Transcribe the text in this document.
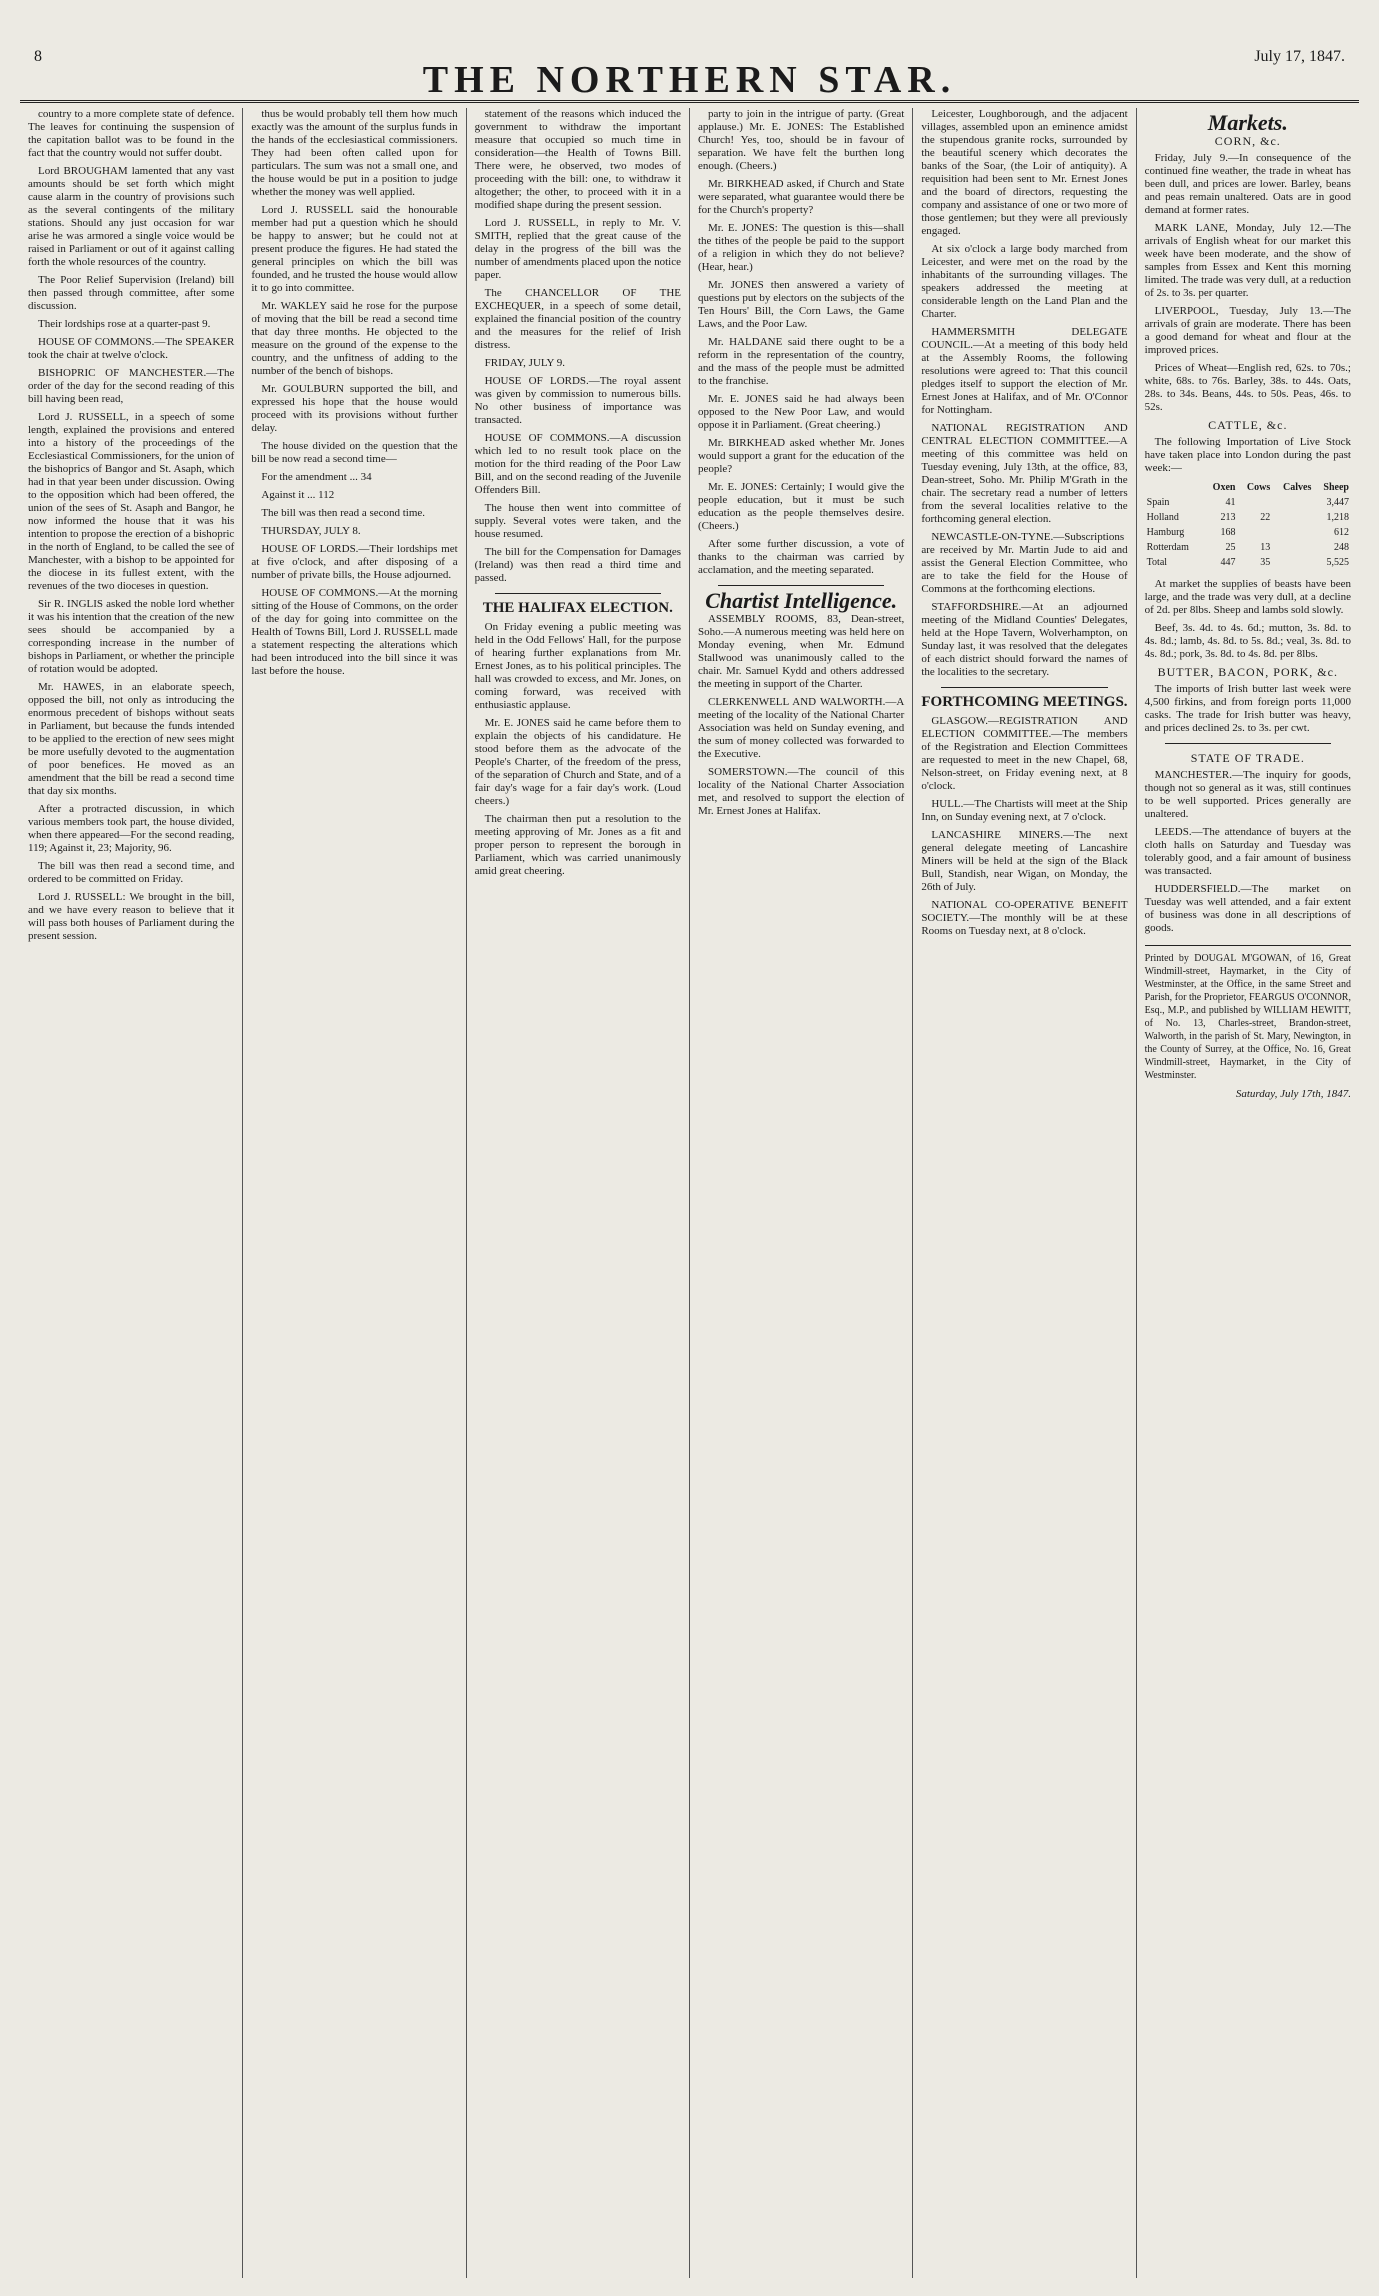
8
THE NORTHERN STAR.
July 17, 1847.

country to a more complete state of defence. The leaves for continuing the suspension of the capitation ballot was to be found in the fact that the country would not suffer doubt.

Lord BROUGHAM lamented that any vast amounts should be set forth which might cause alarm in the country of provisions such as the several contingents of the military stations. Should any just occasion for war arise he was armored a single voice would be raised in Parliament or out of it against calling forth the whole resources of the country.

The Poor Relief Supervision (Ireland) bill then passed through committee, after some discussion.

Their lordships rose at a quarter-past 9.

HOUSE OF COMMONS.—The SPEAKER took the chair at twelve o'clock.

BISHOPRIC OF MANCHESTER.—The order of the day for the second reading of this bill having been read,

Lord J. RUSSELL, in a speech of some length, explained the provisions and entered into a history of the proceedings of the Ecclesiastical Commissioners, for the union of the bishoprics of Bangor and St. Asaph, which had in that year been under discussion. Owing to the opposition which had been offered, the union of the sees of St. Asaph and Bangor, he now informed the house that it was his intention to propose the erection of a bishopric in the north of England, to be called the see of Manchester, with a bishop to be appointed for the diocese in its fullest extent, with the revenues of the two dioceses in question.

Sir R. INGLIS asked the noble lord whether it was his intention that the creation of the new sees should be accompanied by a corresponding increase in the number of bishops in Parliament, or whether the principle of rotation would be adopted.

Mr. HAWES, in an elaborate speech, opposed the bill, not only as introducing the enormous precedent of bishops without seats in Parliament, but because the funds intended to be applied to the erection of new sees might be more usefully devoted to the augmentation of poor benefices. He moved as an amendment that the bill be read a second time that day six months.

After a protracted discussion, in which various members took part, the house divided, when there appeared—For the second reading, 119; Against it, 23; Majority, 96.

The bill was then read a second time, and ordered to be committed on Friday.

Lord J. RUSSELL: We brought in the bill, and we have every reason to believe that it will pass both houses of Parliament during the present session.

thus be would probably tell them how much exactly was the amount of the surplus funds in the hands of the ecclesiastical commissioners. They had been often called upon for particulars. The sum was not a small one, and the house would be put in a position to judge whether the money was well applied.

Lord J. RUSSELL said the honourable member had put a question which he should be happy to answer; but he could not at present produce the figures. He had stated the general principles on which the bill was founded, and he trusted the house would allow it to go into committee.

Mr. WAKLEY said he rose for the purpose of moving that the bill be read a second time that day three months. He objected to the measure on the ground of the expense to the country, and the unfitness of adding to the number of the bench of bishops.

Mr. GOULBURN supported the bill, and expressed his hope that the house would proceed with its provisions without further delay.

The house divided on the question that the bill be now read a second time—

For the amendment ... 34

Against it ... 112

The bill was then read a second time.

THURSDAY, JULY 8.

HOUSE OF LORDS.—Their lordships met at five o'clock, and after disposing of a number of private bills, the House adjourned.

HOUSE OF COMMONS.—At the morning sitting of the House of Commons, on the order of the day for going into committee on the Health of Towns Bill, Lord J. RUSSELL made a statement respecting the alterations which had been introduced into the bill since it was last before the house.

statement of the reasons which induced the government to withdraw the important measure that occupied so much time in consideration—the Health of Towns Bill. There were, he observed, two modes of proceeding with the bill: one, to withdraw it altogether; the other, to proceed with it in a modified shape during the present session.

Lord J. RUSSELL, in reply to Mr. V. SMITH, replied that the great cause of the delay in the progress of the bill was the number of amendments placed upon the notice paper.

The CHANCELLOR OF THE EXCHEQUER, in a speech of some detail, explained the financial position of the country and the measures for the relief of Irish distress.

FRIDAY, JULY 9.

HOUSE OF LORDS.—The royal assent was given by commission to numerous bills. No other business of importance was transacted.

HOUSE OF COMMONS.—A discussion which led to no result took place on the motion for the third reading of the Poor Law Bill, and on the second reading of the Juvenile Offenders Bill.

The house then went into committee of supply. Several votes were taken, and the house resumed.

The bill for the Compensation for Damages (Ireland) was then read a third time and passed.

THE HALIFAX ELECTION.

On Friday evening a public meeting was held in the Odd Fellows' Hall, for the purpose of hearing further explanations from Mr. Ernest Jones, as to his political principles. The hall was crowded to excess, and Mr. Jones, on coming forward, was received with enthusiastic applause.

Mr. E. JONES said he came before them to explain the objects of his candidature. He stood before them as the advocate of the People's Charter, of the freedom of the press, of the separation of Church and State, and of a fair day's wage for a fair day's work. (Loud cheers.)

The chairman then put a resolution to the meeting approving of Mr. Jones as a fit and proper person to represent the borough in Parliament, which was carried unanimously amid great cheering.

party to join in the intrigue of party. (Great applause.) Mr. E. JONES: The Established Church! Yes, too, should be in favour of separation. We have felt the burthen long enough. (Cheers.)

Mr. BIRKHEAD asked, if Church and State were separated, what guarantee would there be for the Church's property?

Mr. E. JONES: The question is this—shall the tithes of the people be paid to the support of a religion in which they do not believe? (Hear, hear.)

Mr. JONES then answered a variety of questions put by electors on the subjects of the Ten Hours' Bill, the Corn Laws, the Game Laws, and the Poor Law.

Mr. HALDANE said there ought to be a reform in the representation of the country, and the mass of the people must be admitted to the franchise.

Mr. E. JONES said he had always been opposed to the New Poor Law, and would oppose it in Parliament. (Great cheering.)

Mr. BIRKHEAD asked whether Mr. Jones would support a grant for the education of the people?

Mr. E. JONES: Certainly; I would give the people education, but it must be such education as the people themselves desire. (Cheers.)

After some further discussion, a vote of thanks to the chairman was carried by acclamation, and the meeting separated.

Chartist Intelligence.

ASSEMBLY ROOMS, 83, Dean-street, Soho.—A numerous meeting was held here on Monday evening, when Mr. Edmund Stallwood was unanimously called to the chair. Mr. Samuel Kydd and others addressed the meeting in support of the Charter.

CLERKENWELL AND WALWORTH.—A meeting of the locality of the National Charter Association was held on Sunday evening, and the sum of money collected was forwarded to the Executive.

SOMERSTOWN.—The council of this locality of the National Charter Association met, and resolved to support the election of Mr. Ernest Jones at Halifax.

Leicester, Loughborough, and the adjacent villages, assembled upon an eminence amidst the stupendous granite rocks, surrounded by the beautiful scenery which decorates the banks of the Soar, (the Loir of antiquity). A requisition had been sent to Mr. Ernest Jones and the board of directors, requesting the company and assistance of one or two more of those gentlemen; but they were all previously engaged.

At six o'clock a large body marched from Leicester, and were met on the road by the inhabitants of the surrounding villages. The speakers addressed the meeting at considerable length on the Land Plan and the Charter.

HAMMERSMITH DELEGATE COUNCIL.—At a meeting of this body held at the Assembly Rooms, the following resolutions were agreed to: That this council pledges itself to support the election of Mr. Ernest Jones at Halifax, and of Mr. O'Connor for Nottingham.

NATIONAL REGISTRATION AND CENTRAL ELECTION COMMITTEE.—A meeting of this committee was held on Tuesday evening, July 13th, at the office, 83, Dean-street, Soho. Mr. Philip M'Grath in the chair. The secretary read a number of letters from the several localities relative to the forthcoming general election.

NEWCASTLE-ON-TYNE.—Subscriptions are received by Mr. Martin Jude to aid and assist the General Election Committee, who are to take the field for the House of Commons at the forthcoming elections.

STAFFORDSHIRE.—At an adjourned meeting of the Midland Counties' Delegates, held at the Hope Tavern, Wolverhampton, on Sunday last, it was resolved that the delegates of each district should forward the names of the localities to the secretary.

FORTHCOMING MEETINGS.

GLASGOW.—REGISTRATION AND ELECTION COMMITTEE.—The members of the Registration and Election Committees are requested to meet in the new Chapel, 68, Nelson-street, on Friday evening next, at 8 o'clock.

HULL.—The Chartists will meet at the Ship Inn, on Sunday evening next, at 7 o'clock.

LANCASHIRE MINERS.—The next general delegate meeting of Lancashire Miners will be held at the sign of the Black Bull, Standish, near Wigan, on Monday, the 26th of July.

NATIONAL CO-OPERATIVE BENEFIT SOCIETY.—The monthly will be at these Rooms on Tuesday next, at 8 o'clock.

Markets.
CORN, &c.

Friday, July 9.—In consequence of the continued fine weather, the trade in wheat has been dull, and prices are lower. Barley, beans and peas remain unaltered. Oats are in good demand at former rates.

MARK LANE, Monday, July 12.—The arrivals of English wheat for our market this week have been moderate, and the show of samples from Essex and Kent this morning limited. The trade was very dull, at a reduction of 2s. to 3s. per quarter.

LIVERPOOL, Tuesday, July 13.—The arrivals of grain are moderate. There has been a good demand for wheat and flour at the improved prices.

Prices of Wheat—English red, 62s. to 70s.; white, 68s. to 76s. Barley, 38s. to 44s. Oats, 28s. to 34s. Beans, 44s. to 50s. Peas, 46s. to 52s.

CATTLE, &c.

The following Importation of Live Stock have taken place into London during the past week:—

	Oxen	Cows	Calves	Sheep
Spain	41			3,447
Holland	213	22		1,218
Hamburg	168			612
Rotterdam	25	13		248
Total	447	35		5,525

At market the supplies of beasts have been large, and the trade was very dull, at a decline of 2d. per 8lbs. Sheep and lambs sold slowly.

Beef, 3s. 4d. to 4s. 6d.; mutton, 3s. 8d. to 4s. 8d.; lamb, 4s. 8d. to 5s. 8d.; veal, 3s. 8d. to 4s. 8d.; pork, 3s. 8d. to 4s. 8d. per 8lbs.

BUTTER, BACON, PORK, &c.

The imports of Irish butter last week were 4,500 firkins, and from foreign ports 11,000 casks. The trade for Irish butter was heavy, and prices declined 2s. to 3s. per cwt.

STATE OF TRADE.

MANCHESTER.—The inquiry for goods, though not so general as it was, still continues to be well supported. Prices generally are unaltered.

LEEDS.—The attendance of buyers at the cloth halls on Saturday and Tuesday was tolerably good, and a fair amount of business was transacted.

HUDDERSFIELD.—The market on Tuesday was well attended, and a fair extent of business was done in all descriptions of goods.

Printed by DOUGAL M'GOWAN, of 16, Great Windmill-street, Haymarket, in the City of Westminster, at the Office, in the same Street and Parish, for the Proprietor, FEARGUS O'CONNOR, Esq., M.P., and published by WILLIAM HEWITT, of No. 13, Charles-street, Brandon-street, Walworth, in the parish of St. Mary, Newington, in the County of Surrey, at the Office, No. 16, Great Windmill-street, Haymarket, in the City of Westminster.
Saturday, July 17th, 1847.
